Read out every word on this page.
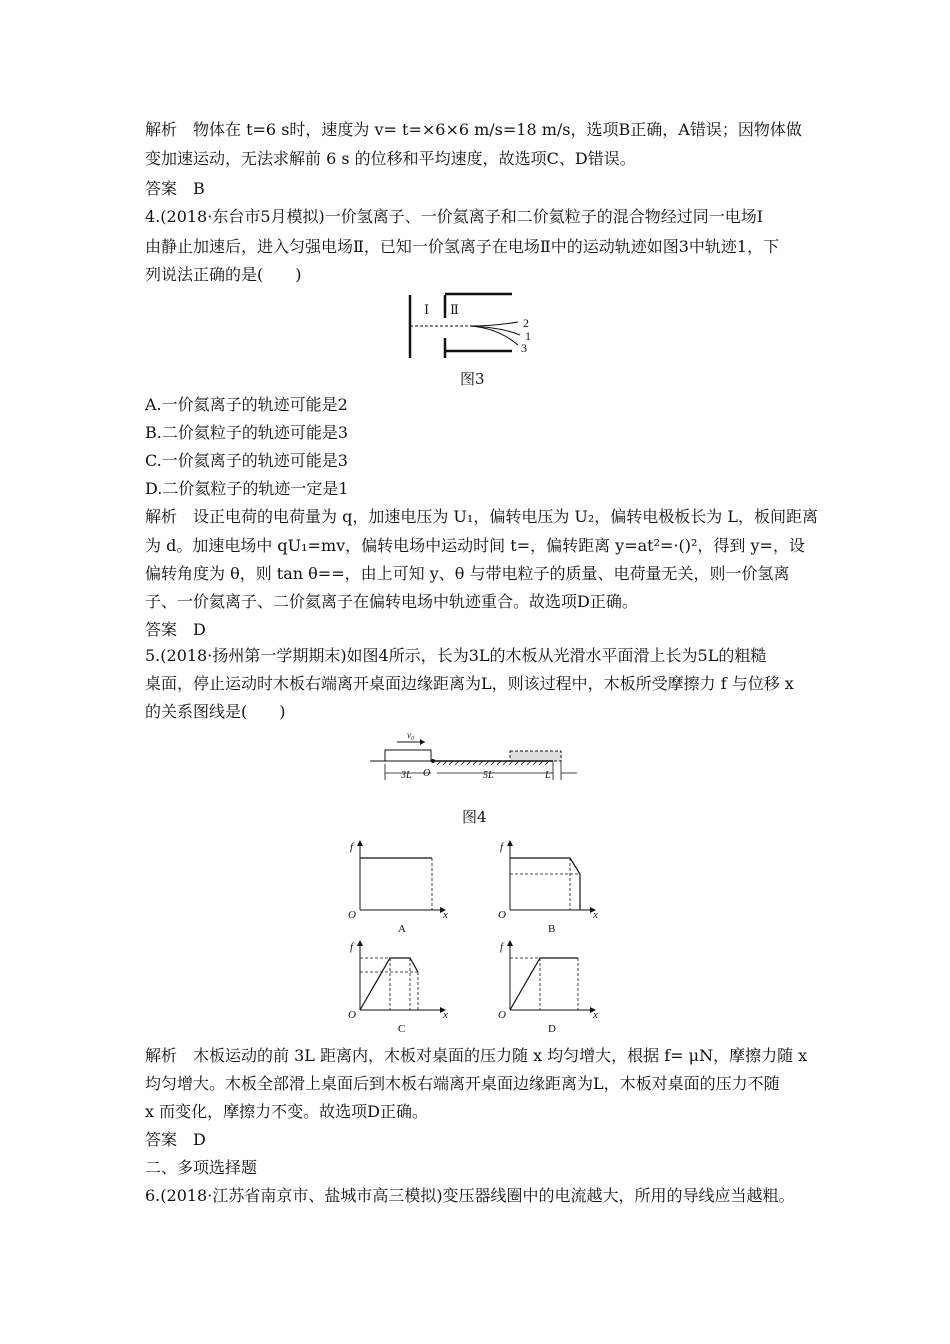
解析　物体在 t=6 s时，速度为 v= t=×6×6 m/s=18 m/s，选项B正确，A错误；因物体做
变加速运动，无法求解前 6 s 的位移和平均速度，故选项C、D错误。
答案　B
4.(2018·东台市5月模拟)一价氢离子、一价氦离子和二价氦粒子的混合物经过同一电场Ⅰ
由静止加速后，进入匀强电场Ⅱ，已知一价氢离子在电场Ⅱ中的运动轨迹如图3中轨迹1，下
列说法正确的是(　　)
Ⅰ Ⅱ
2
1
3
图3
A.一价氦离子的轨迹可能是2
B.二价氦粒子的轨迹可能是3
C.一价氦离子的轨迹可能是3
D.二价氦粒子的轨迹一定是1
解析　设正电荷的电荷量为 q，加速电压为 U₁，偏转电压为 U₂，偏转电极板长为 L，板间距离
为 d。加速电场中 qU₁=mv，偏转电场中运动时间 t=，偏转距离 y=at²=·()²，得到 y=，设
偏转角度为 θ，则 tan θ==，由上可知 y、θ 与带电粒子的质量、电荷量无关，则一价氢离
子、一价氦离子、二价氦离子在偏转电场中轨迹重合。故选项D正确。
答案　D
5.(2018·扬州第一学期期末)如图4所示，长为3L的木板从光滑水平面滑上长为5L的粗糙
桌面，停止运动时木板右端离开桌面边缘距离为L，则该过程中，木板所受摩擦力 f 与位移 x
的关系图线是(　　)
v₀
3L O	5L	L
图4
f
O	x
A
f
O	x
B
f
O	x
C
f
O	x
D
解析　木板运动的前 3L 距离内，木板对桌面的压力随 x 均匀增大，根据 f= μN，摩擦力随 x
均匀增大。木板全部滑上桌面后到木板右端离开桌面边缘距离为L，木板对桌面的压力不随
x 而变化，摩擦力不变。故选项D正确。
答案　D
二、多项选择题
6.(2018·江苏省南京市、盐城市高三模拟)变压器线圈中的电流越大，所用的导线应当越粗。
